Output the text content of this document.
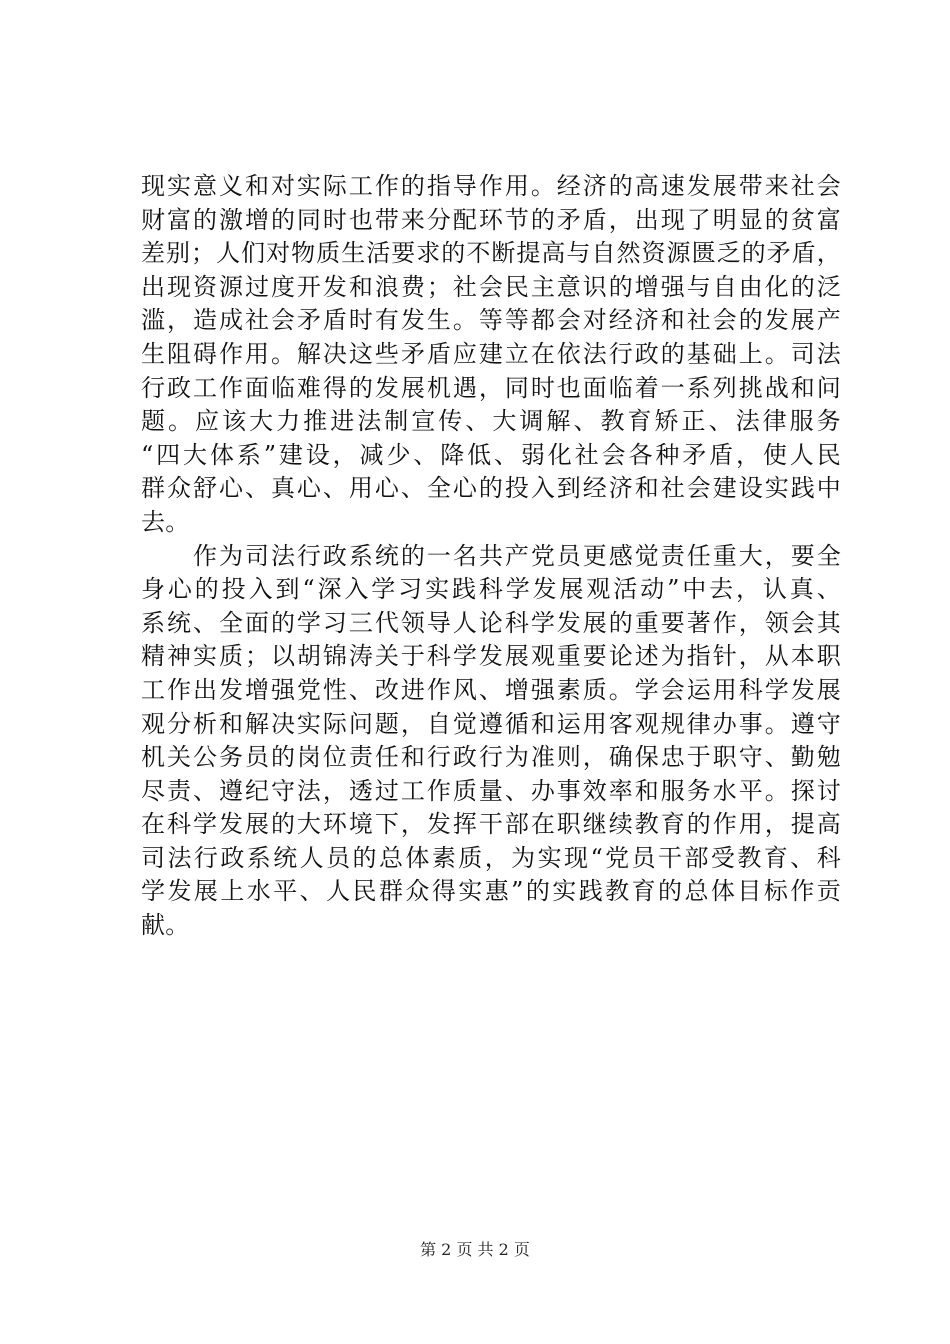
现实意义和对实际工作的指导作用。经济的高速发展带来社会
财富的激增的同时也带来分配环节的矛盾，出现了明显的贫富
差别；人们对物质生活要求的不断提高与自然资源匮乏的矛盾，
出现资源过度开发和浪费；社会民主意识的增强与自由化的泛
滥，造成社会矛盾时有发生。等等都会对经济和社会的发展产
生阻碍作用。解决这些矛盾应建立在依法行政的基础上。司法
行政工作面临难得的发展机遇，同时也面临着一系列挑战和问
题。应该大力推进法制宣传、大调解、教育矫正、法律服务
“四大体系”建设，减少、降低、弱化社会各种矛盾，使人民
群众舒心、真心、用心、全心的投入到经济和社会建设实践中
去。
　　作为司法行政系统的一名共产党员更感觉责任重大，要全
身心的投入到“深入学习实践科学发展观活动”中去，认真、
系统、全面的学习三代领导人论科学发展的重要著作，领会其
精神实质；以胡锦涛关于科学发展观重要论述为指针，从本职
工作出发增强党性、改进作风、增强素质。学会运用科学发展
观分析和解决实际问题，自觉遵循和运用客观规律办事。遵守
机关公务员的岗位责任和行政行为准则，确保忠于职守、勤勉
尽责、遵纪守法，透过工作质量、办事效率和服务水平。探讨
在科学发展的大环境下，发挥干部在职继续教育的作用，提高
司法行政系统人员的总体素质，为实现“党员干部受教育、科
学发展上水平、人民群众得实惠”的实践教育的总体目标作贡
献。
第 2 页 共 2 页
